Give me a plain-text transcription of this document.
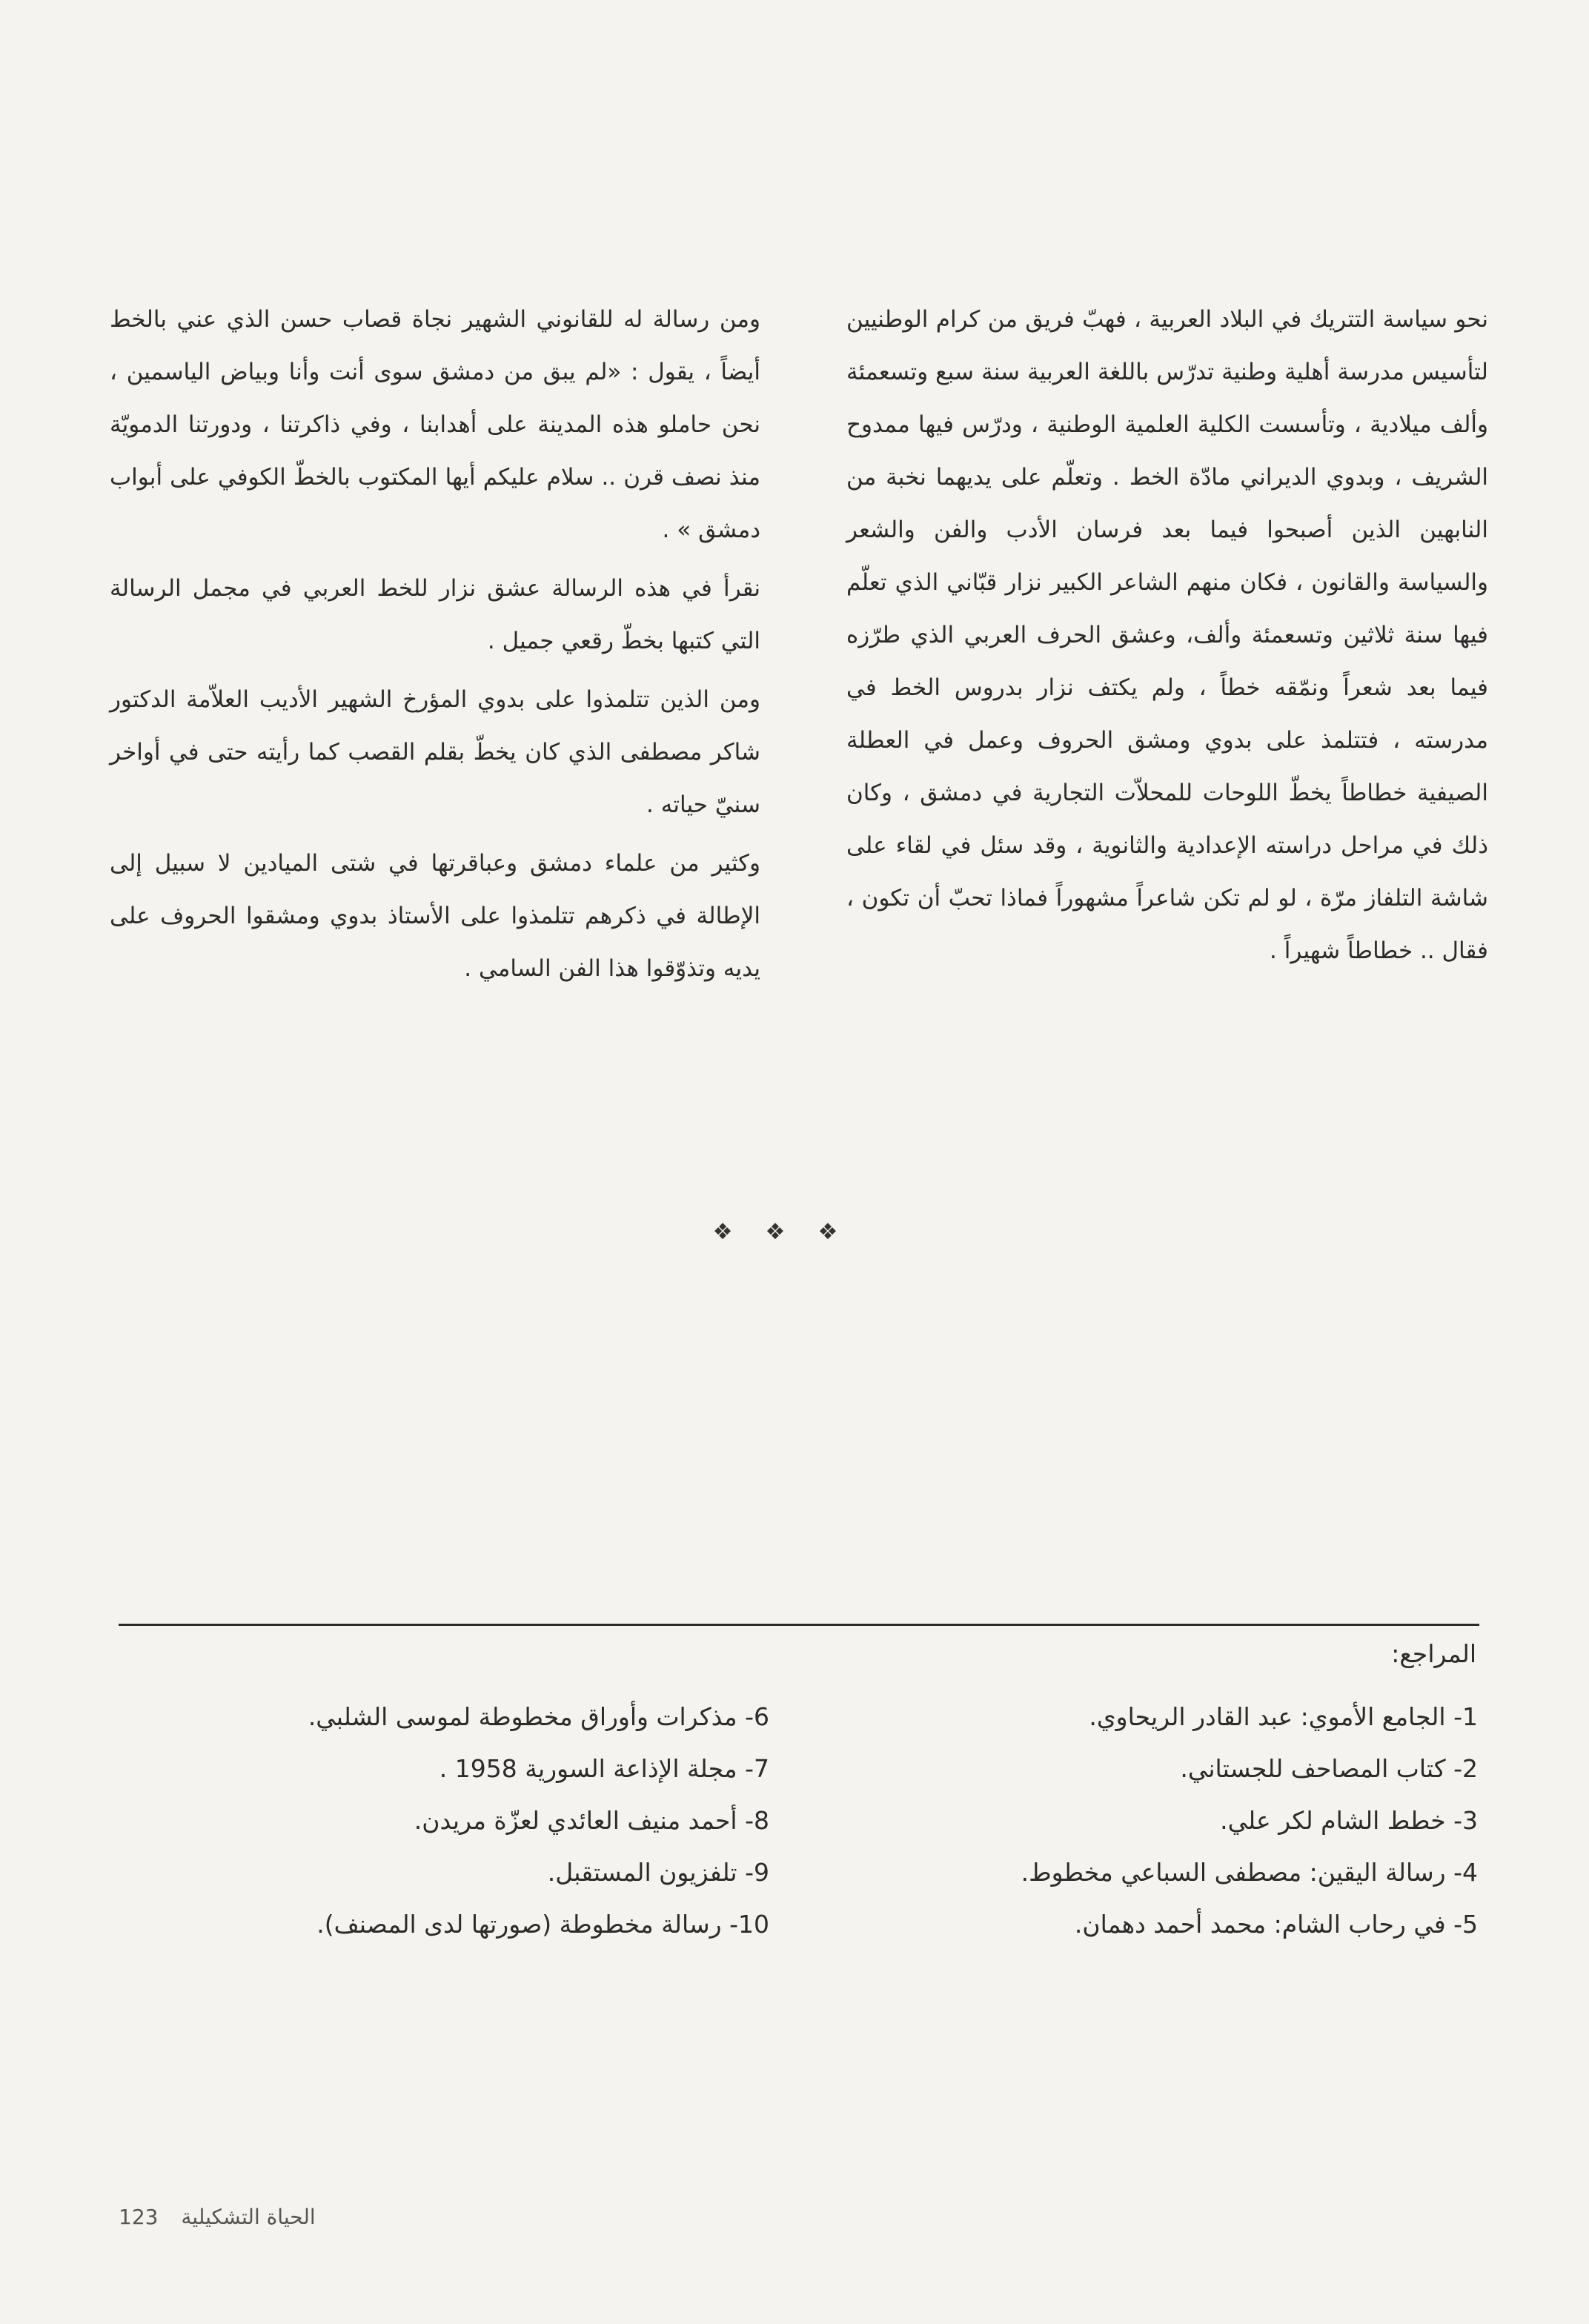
نحو سياسة التتريك في البلاد العربية ، فهبّ فريق من كرام الوطنيين لتأسيس مدرسة أهلية وطنية تدرّس باللغة العربية سنة سبع وتسعمئة وألف ميلادية ، وتأسست الكلية العلمية الوطنية ، ودرّس فيها ممدوح الشريف ، وبدوي الديراني مادّة الخط . وتعلّم على يديهما نخبة من النابهين الذين أصبحوا فيما بعد فرسان الأدب والفن والشعر والسياسة والقانون ، فكان منهم الشاعر الكبير نزار قبّاني الذي تعلّم فيها سنة ثلاثين وتسعمئة وألف، وعشق الحرف العربي الذي طرّزه فيما بعد شعراً ونمّقه خطاً ، ولم يكتف نزار بدروس الخط في مدرسته ، فتتلمذ على بدوي ومشق الحروف وعمل في العطلة الصيفية خطاطاً يخطّ اللوحات للمحلاّت التجارية في دمشق ، وكان ذلك في مراحل دراسته الإعدادية والثانوية ، وقد سئل في لقاء على شاشة التلفاز مرّة ، لو لم تكن شاعراً مشهوراً فماذا تحبّ أن تكون ، فقال .. خطاطاً شهيراً .

ومن رسالة له للقانوني الشهير نجاة قصاب حسن الذي عني بالخط أيضاً ، يقول : «لم يبق من دمشق سوى أنت وأنا وبياض الياسمين ، نحن حاملو هذه المدينة على أهدابنا ، وفي ذاكرتنا ، ودورتنا الدمويّة منذ نصف قرن .. سلام عليكم أيها المكتوب بالخطّ الكوفي على أبواب دمشق » .

نقرأ في هذه الرسالة عشق نزار للخط العربي في مجمل الرسالة التي كتبها بخطّ رقعي جميل .

ومن الذين تتلمذوا على بدوي المؤرخ الشهير الأديب العلاّمة الدكتور شاكر مصطفى الذي كان يخطّ بقلم القصب كما رأيته حتى في أواخر سنيّ حياته .

وكثير من علماء دمشق وعباقرتها في شتى الميادين لا سبيل إلى الإطالة في ذكرهم تتلمذوا على الأستاذ بدوي ومشقوا الحروف على يديه وتذوّقوا هذا الفن السامي .

❖❖❖
المراجع:
1- الجامع الأموي: عبد القادر الريحاوي.
2- كتاب المصاحف للجستاني.
3- خطط الشام لكر علي.
4- رسالة اليقين: مصطفى السباعي مخطوط.
5- في رحاب الشام: محمد أحمد دهمان.
6- مذكرات وأوراق مخطوطة لموسى الشلبي.
7- مجلة الإذاعة السورية 1958 .
8- أحمد منيف العائدي لعزّة مريدن.
9- تلفزيون المستقبل.
10- رسالة مخطوطة (صورتها لدى المصنف).
الحياة التشكيلية 123
